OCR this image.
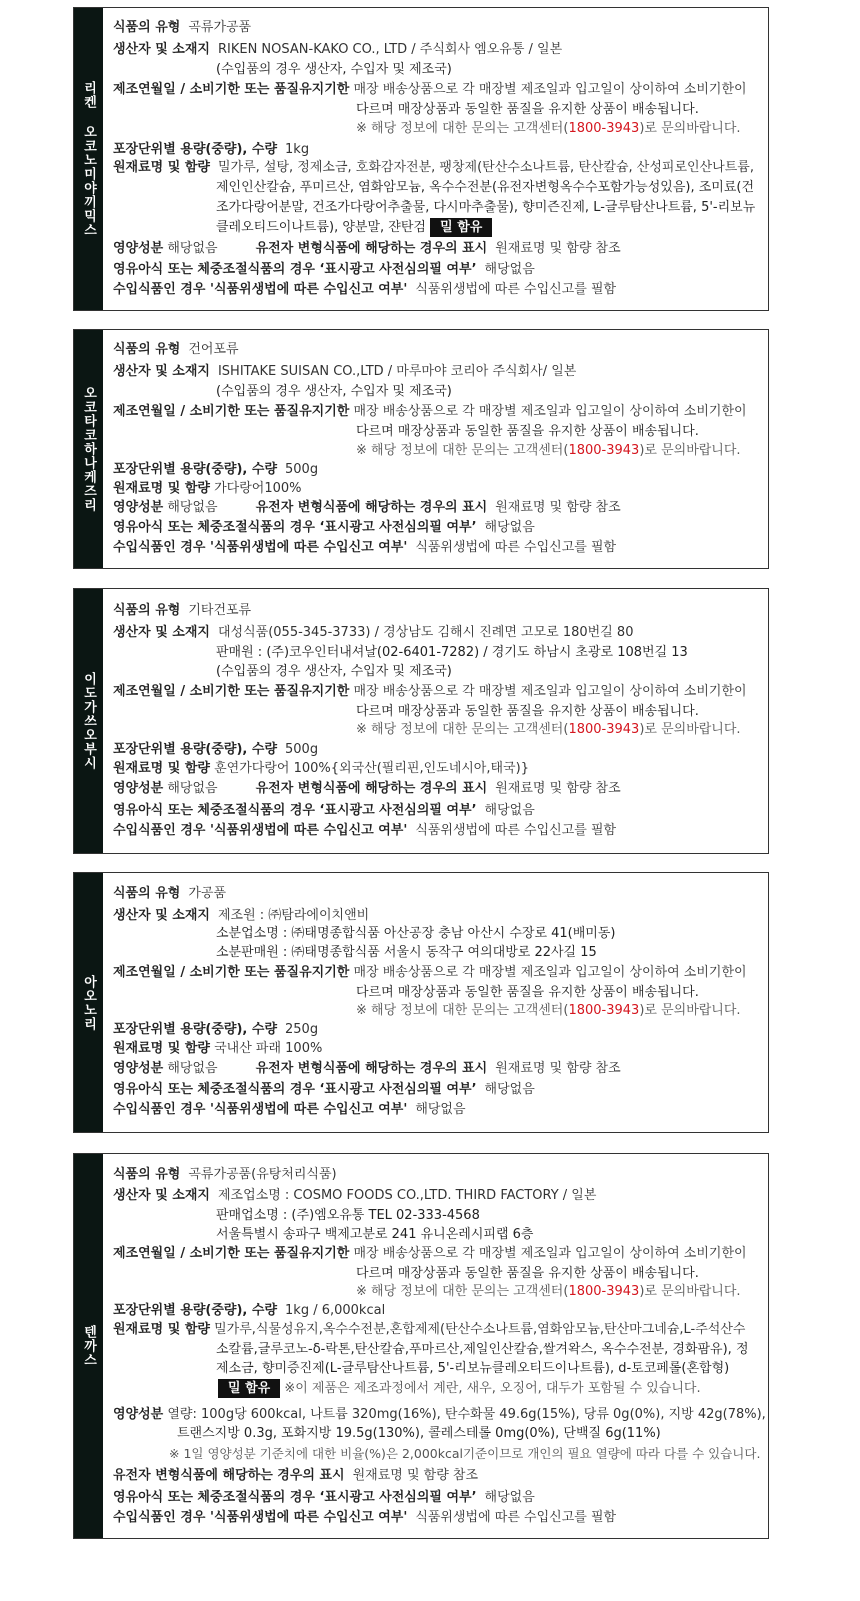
리켄 오코노미야끼믹스
식품의 유형 곡류가공품
생산자 및 소재지 RIKEN NOSAN-KAKO CO., LTD / 주식회사 엠오유통 / 일본
(수입품의 경우 생산자, 수입자 및 제조국)
제조연월일 / 소비기한 또는 품질유지기한 매장 배송상품으로 각 매장별 제조일과 입고일이 상이하여 소비기한이
다르며 매장상품과 동일한 품질을 유지한 상품이 배송됩니다.
※ 해당 정보에 대한 문의는 고객센터(1800-3943)로 문의바랍니다.
포장단위별 용량(중량), 수량 1kg
원재료명 및 함량 밀가루, 설탕, 정제소금, 호화감자전분, 팽창제(탄산수소나트륨, 탄산칼슘, 산성피로인산나트륨,
제인인산칼슘, 푸미르산, 염화암모늄, 옥수수전분(유전자변형옥수수포함가능성있음), 조미료(건
조가다랑어분말, 건조가다랑어추출물, 다시마추출물), 향미즌진제, L-글루탐산나트륨, 5'-리보뉴
클레오티드이나트륨), 양분말, 쟌탄검 밀 함유
영양성분 해당없음	유전자 변형식품에 해당하는 경우의 표시 원재료명 및 함량 참조
영유아식 또는 체중조절식품의 경우 ‘표시광고 사전심의필 여부’ 해당없음
수입식품인 경우 '식품위생법에 따른 수입신고 여부' 식품위생법에 따른 수입신고를 필함
오코타코하나케즈리
식품의 유형 건어포류
생산자 및 소재지 ISHITAKE SUISAN CO.,LTD / 마루마야 코리아 주식회사/ 일본
(수입품의 경우 생산자, 수입자 및 제조국)
제조연월일 / 소비기한 또는 품질유지기한 매장 배송상품으로 각 매장별 제조일과 입고일이 상이하여 소비기한이
다르며 매장상품과 동일한 품질을 유지한 상품이 배송됩니다.
※ 해당 정보에 대한 문의는 고객센터(1800-3943)로 문의바랍니다.
포장단위별 용량(중량), 수량 500g
원재료명 및 함량 가다랑어100%
영양성분 해당없음	유전자 변형식품에 해당하는 경우의 표시 원재료명 및 함량 참조
영유아식 또는 체중조절식품의 경우 ‘표시광고 사전심의필 여부’ 해당없음
수입식품인 경우 '식품위생법에 따른 수입신고 여부' 식품위생법에 따른 수입신고를 필함
이도가쓰오부시
식품의 유형 기타건포류
생산자 및 소재지 대성식품(055-345-3733) / 경상남도 김해시 진례면 고모로 180번길 80
판매원 : (주)코우인터내셔날(02-6401-7282) / 경기도 하남시 초광로 108번길 13
(수입품의 경우 생산자, 수입자 및 제조국)
제조연월일 / 소비기한 또는 품질유지기한 매장 배송상품으로 각 매장별 제조일과 입고일이 상이하여 소비기한이
다르며 매장상품과 동일한 품질을 유지한 상품이 배송됩니다.
※ 해당 정보에 대한 문의는 고객센터(1800-3943)로 문의바랍니다.
포장단위별 용량(중량), 수량 500g
원재료명 및 함량 훈연가다랑어 100%{외국산(필리핀,인도네시아,태국)}
영양성분 해당없음	유전자 변형식품에 해당하는 경우의 표시 원재료명 및 함량 참조
영유아식 또는 체중조절식품의 경우 ‘표시광고 사전심의필 여부’ 해당없음
수입식품인 경우 '식품위생법에 따른 수입신고 여부' 식품위생법에 따른 수입신고를 필함
아오노리
식품의 유형 가공품
생산자 및 소재지 제조원 : ㈜탐라에이치앤비
소분업소명 : ㈜태명종합식품 아산공장 충남 아산시 수장로 41(배미동)
소분판매원 : ㈜태명종합식품 서울시 동작구 여의대방로 22사길 15
제조연월일 / 소비기한 또는 품질유지기한 매장 배송상품으로 각 매장별 제조일과 입고일이 상이하여 소비기한이
다르며 매장상품과 동일한 품질을 유지한 상품이 배송됩니다.
※ 해당 정보에 대한 문의는 고객센터(1800-3943)로 문의바랍니다.
포장단위별 용량(중량), 수량 250g
원재료명 및 함량 국내산 파래 100%
영양성분 해당없음	유전자 변형식품에 해당하는 경우의 표시 원재료명 및 함량 참조
영유아식 또는 체중조절식품의 경우 ‘표시광고 사전심의필 여부’ 해당없음
수입식품인 경우 '식품위생법에 따른 수입신고 여부' 해당없음
텐까스
식품의 유형 곡류가공품(유탕처리식품)
생산자 및 소재지 제조업소명 : COSMO FOODS CO.,LTD. THIRD FACTORY / 일본
판매업소명 : (주)엠오유통 TEL 02-333-4568
서울특별시 송파구 백제고분로 241 유니온레시피랩 6층
제조연월일 / 소비기한 또는 품질유지기한 매장 배송상품으로 각 매장별 제조일과 입고일이 상이하여 소비기한이
다르며 매장상품과 동일한 품질을 유지한 상품이 배송됩니다.
※ 해당 정보에 대한 문의는 고객센터(1800-3943)로 문의바랍니다.
포장단위별 용량(중량), 수량 1kg / 6,000kcal
원재료명 및 함량 밀가루,식물성유지,옥수수전분,혼합제제(탄산수소나트륨,염화암모늄,탄산마그네슘,L-주석산수
소칼륨,글루코노-δ-락톤,탄산칼슘,푸마르산,제일인산칼슘,쌀겨왁스, 옥수수전분, 경화팜유), 정
제소금, 향미증진제(L-글루탐산나트륨, 5'-리보뉴클레오티드이나트륨), d-토코페롤(혼합형)
밀 함유 ※이 제품은 제조과정에서 계란, 새우, 오징어, 대두가 포함될 수 있습니다.
영양성분 열량: 100g당 600kcal, 나트륨 320mg(16%), 탄수화물 49.6g(15%), 당류 0g(0%), 지방 42g(78%),
트랜스지방 0.3g, 포화지방 19.5g(130%), 콜레스테롤 0mg(0%), 단백질 6g(11%)
※ 1일 영양성분 기준치에 대한 비율(%)은 2,000kcal기준이므로 개인의 필요 열량에 따라 다를 수 있습니다.
유전자 변형식품에 해당하는 경우의 표시 원재료명 및 함량 참조
영유아식 또는 체중조절식품의 경우 ‘표시광고 사전심의필 여부’ 해당없음
수입식품인 경우 '식품위생법에 따른 수입신고 여부' 식품위생법에 따른 수입신고를 필함
